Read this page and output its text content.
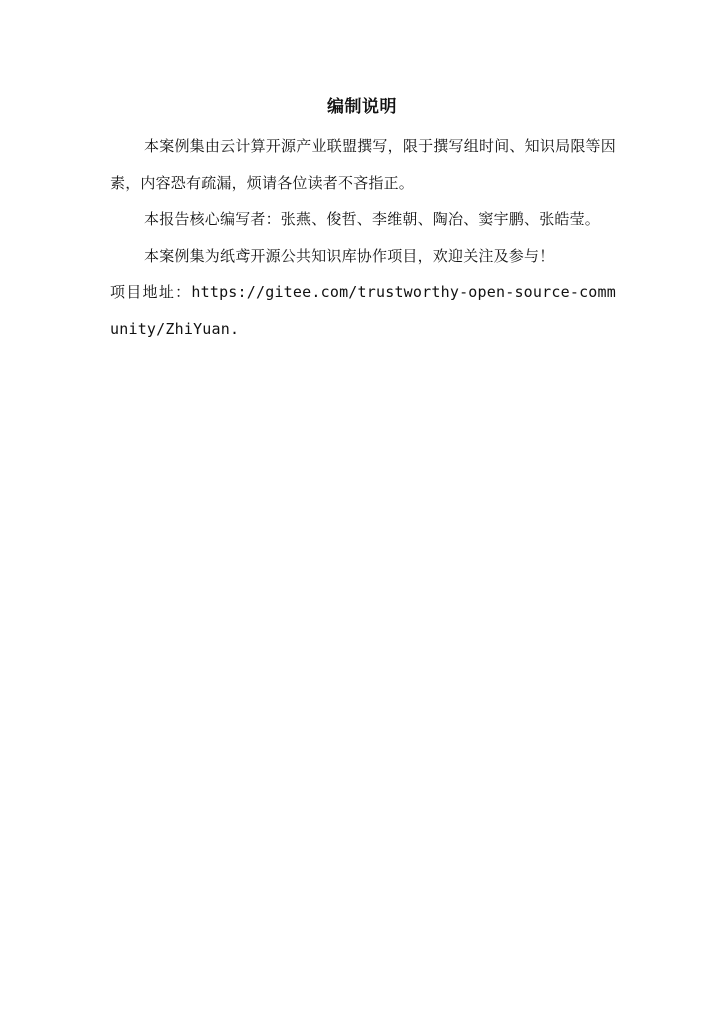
编制说明

本案例集由云计算开源产业联盟撰写，限于撰写组时间、知识局限等因素，内容恐有疏漏，烦请各位读者不吝指正。

本报告核心编写者：张燕、俊哲、李维朝、陶冶、窦宇鹏、张皓莹。

本案例集为纸鸢开源公共知识库协作项目，欢迎关注及参与！

项目地址：https://gitee.com/trustworthy-open-source-community/ZhiYuan.
